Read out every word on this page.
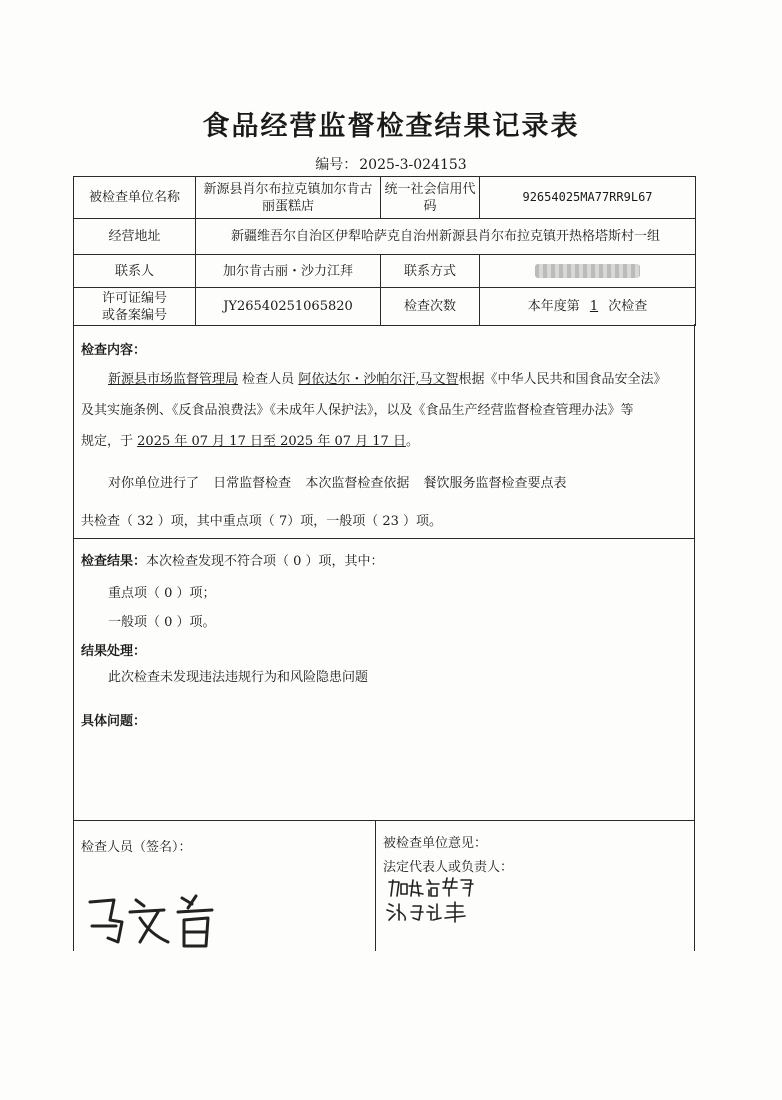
食品经营监督检查结果记录表
编号： 2025-3-024153
被检查单位名称	新源县肖尔布拉克镇加尔肯古丽蛋糕店	统一社会信用代码	92654025MA77RR9L67
经营地址	新疆维吾尔自治区伊犁哈萨克自治州新源县肖尔布拉克镇开热格塔斯村一组		
联系人	加尔肯古丽・沙力江拜	联系方式	

许可证编号
或备案编号	JY26540251065820	检查次数	本年度第 1 次检查
检查内容：
新源县市场监督管理局 检查人员 阿依达尔・沙帕尔汗,马文智根据《中华人民共和国食品安全法》
及其实施条例、《反食品浪费法》《未成年人保护法》，以及《食品生产经营监督检查管理办法》等
规定，于 2025 年 07 月 17 日至 2025 年 07 月 17 日。
对你单位进行了 日常监督检查 本次监督检查依据 餐饮服务监督检查要点表
共检查（ 32 ）项，其中重点项（ 7）项，一般项（ 23 ）项。
检查结果：本次检查发现不符合项（ 0 ）项，其中：
重点项（ 0 ）项；
一般项（ 0 ）项。
结果处理：
此次检查未发现违法违规行为和风险隐患问题
具体问题：
检查人员（签名）：	被检查单位意见：
法定代表人或负责人：
